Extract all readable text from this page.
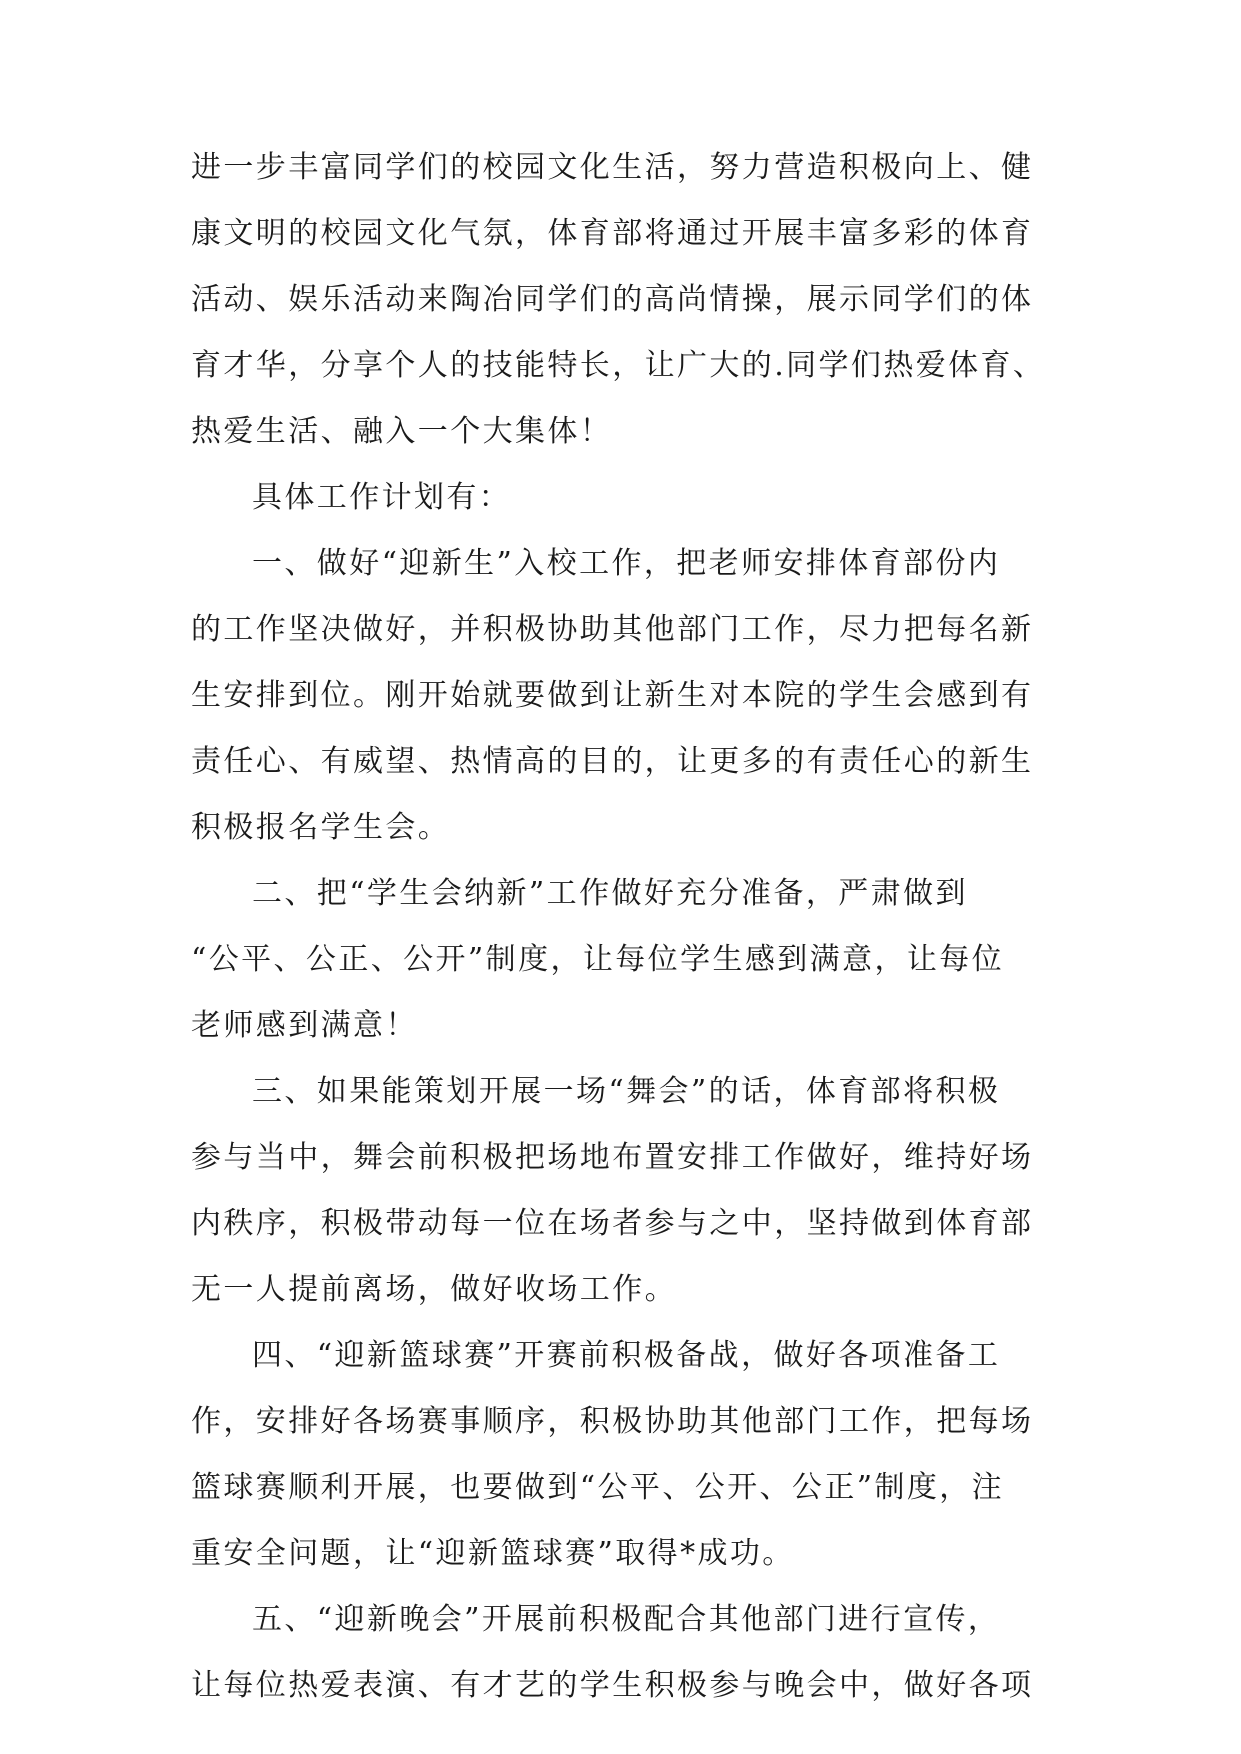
进一步丰富同学们的校园文化生活，努力营造积极向上、健
康文明的校园文化气氛，体育部将通过开展丰富多彩的体育
活动、娱乐活动来陶冶同学们的高尚情操，展示同学们的体
育才华，分享个人的技能特长，让广大的.同学们热爱体育、
热爱生活、融入一个大集体！
具体工作计划有：
一、做好“迎新生”入校工作，把老师安排体育部份内
的工作坚决做好，并积极协助其他部门工作，尽力把每名新
生安排到位。刚开始就要做到让新生对本院的学生会感到有
责任心、有威望、热情高的目的，让更多的有责任心的新生
积极报名学生会。
二、把“学生会纳新”工作做好充分准备，严肃做到
“公平、公正、公开”制度，让每位学生感到满意，让每位
老师感到满意！
三、如果能策划开展一场“舞会”的话，体育部将积极
参与当中，舞会前积极把场地布置安排工作做好，维持好场
内秩序，积极带动每一位在场者参与之中，坚持做到体育部
无一人提前离场，做好收场工作。
四、“迎新篮球赛”开赛前积极备战，做好各项准备工
作，安排好各场赛事顺序，积极协助其他部门工作，把每场
篮球赛顺利开展，也要做到“公平、公开、公正”制度，注
重安全问题，让“迎新篮球赛”取得*成功。
五、“迎新晚会”开展前积极配合其他部门进行宣传，
让每位热爱表演、有才艺的学生积极参与晚会中，做好各项
